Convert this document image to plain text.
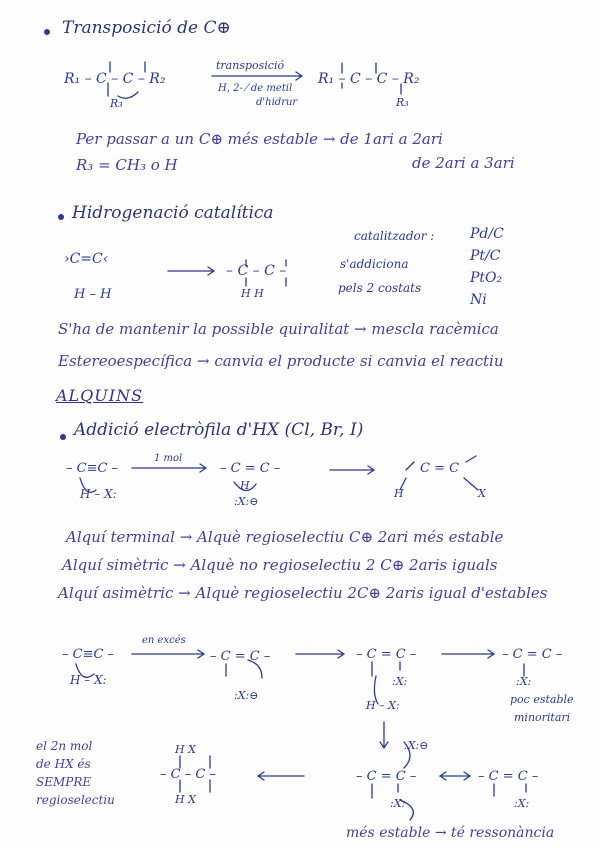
Transposició de C⊕
R₁ – C – C – R₂
R₃
transposició
H, 2- ⁄ de metil
d'hidrur
R₁ – C – C – R₂
R₃
Per passar a un C⊕ més estable → de 1ari a 2ari
de 2ari a 3ari
R₃ = CH₃ o H
Hidrogenació catalítica
›C=C‹
H – H
– C – C –
H H
catalitzador :	Pd/C
Pt/C
PtO₂
Ni
s'addiciona
pels 2 costats
S'ha de mantenir la possible quiralitat → mescla racèmica
Estereoespecífica → canvia el producte si canvia el reactiu
ALQUINS
Addició electròfila d'HX (Cl, Br, I)
– C≡C –
H – X:
1 mol
– C = C –
H
:X:⊖
C = C
H	X
Alquí terminal → Alquè regioselectiu C⊕ 2ari més estable
Alquí simètric → Alquè no regioselectiu 2 C⊕ 2aris iguals
Alquí asimètric → Alquè regioselectiu 2C⊕ 2aris igual d'estables
en excés
– C≡C –
H – X:
– C = C –
:X:⊖
– C = C –
:X:
H – X:
– C = C –
:X:
poc estable
minoritari
el 2n mol
de HX és
SEMPRE
regioselectiu
– C – C –
H X
H X
– C = C –
:X:
:X:⊖
– C = C –
:X:
més estable → té ressonància
